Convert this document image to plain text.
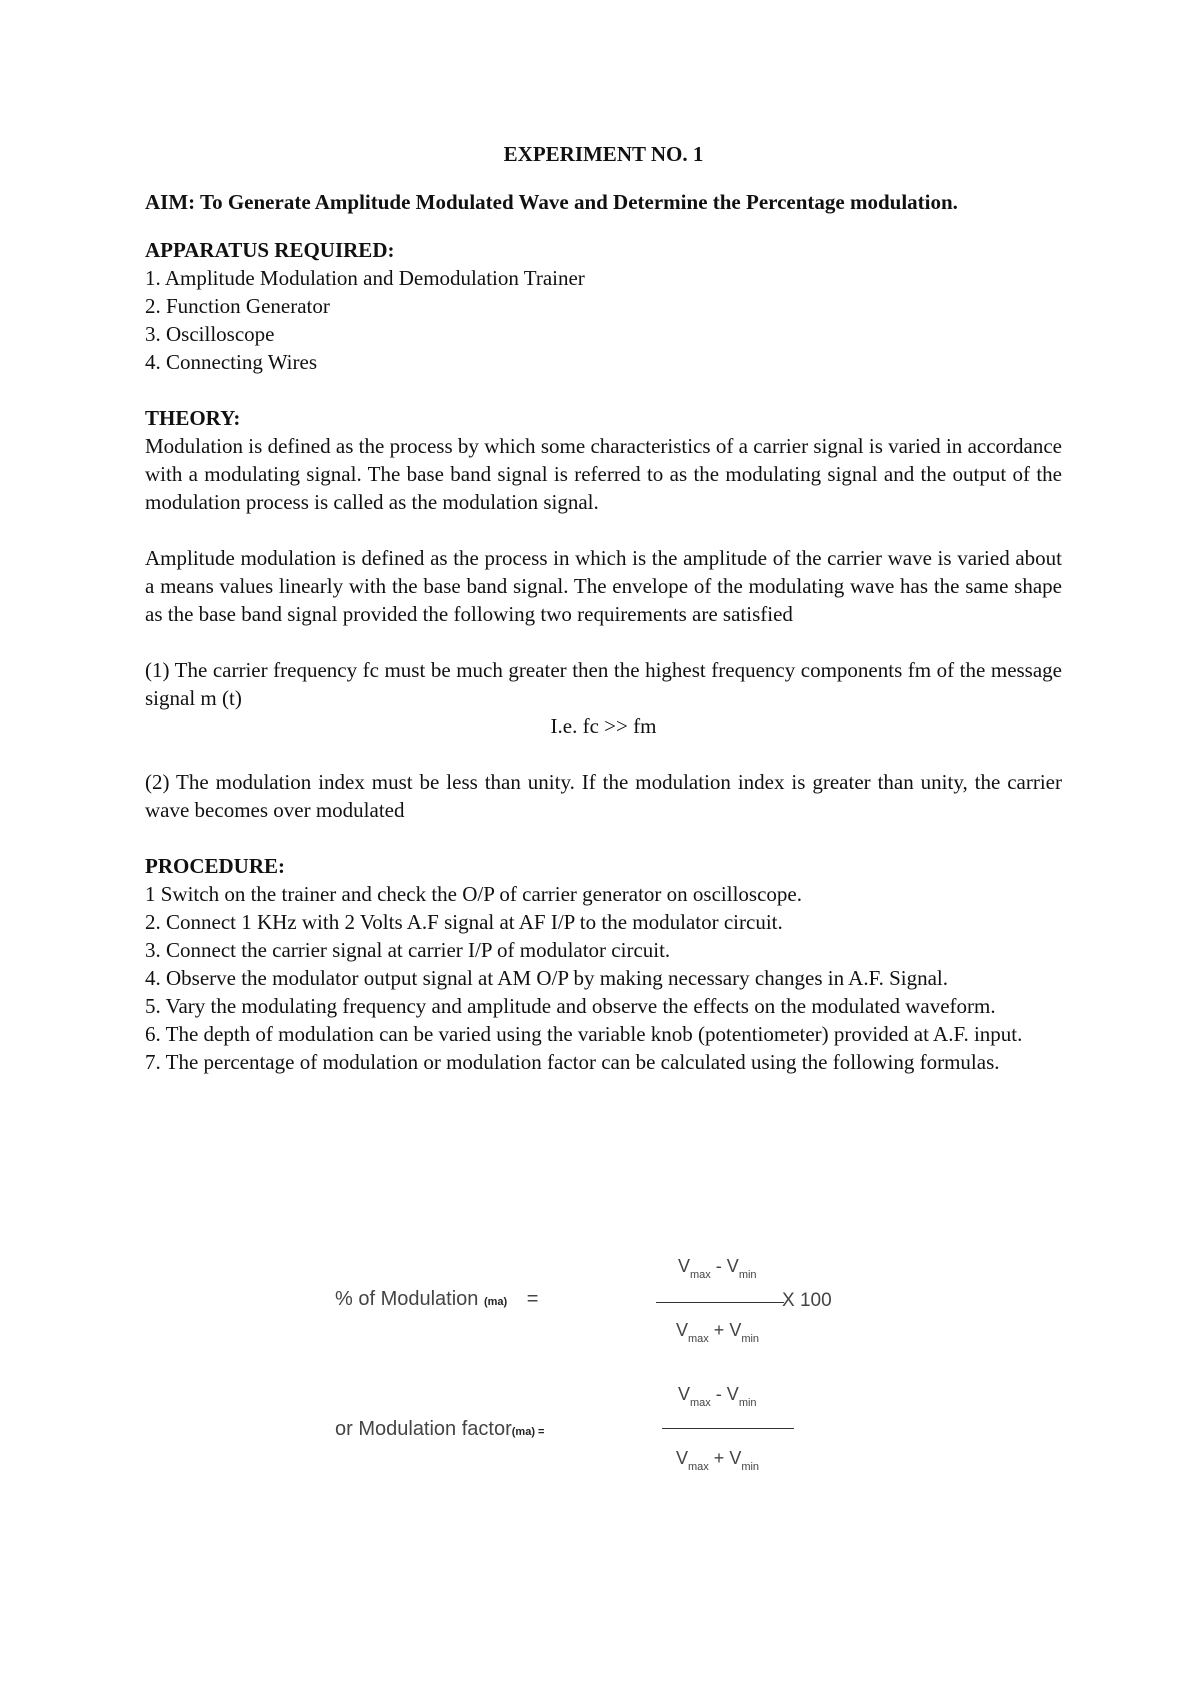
EXPERIMENT NO. 1

AIM: To Generate Amplitude Modulated Wave and Determine the Percentage modulation.

APPARATUS REQUIRED:

1. Amplitude Modulation and Demodulation Trainer
2. Function Generator
3. Oscilloscope
4. Connecting Wires

THEORY:

Modulation is defined as the process by which some characteristics of a carrier signal is varied in accordance with a modulating signal. The base band signal is referred to as the modulating signal and the output of the modulation process is called as the modulation signal.

Amplitude modulation is defined as the process in which is the amplitude of the carrier wave is varied about a means values linearly with the base band signal. The envelope of the modulating wave has the same shape as the base band signal provided the following two requirements are satisfied

(1) The carrier frequency fc must be much greater then the highest frequency components fm of the message signal m (t)

I.e. fc >> fm

(2) The modulation index must be less than unity. If the modulation index is greater than unity, the carrier wave becomes over modulated

PROCEDURE:

1 Switch on the trainer and check the O/P of carrier generator on oscilloscope.
2. Connect 1 KHz with 2 Volts A.F signal at AF I/P to the modulator circuit.
3. Connect the carrier signal at carrier I/P of modulator circuit.
4. Observe the modulator output signal at AM O/P by making necessary changes in A.F. Signal.
5. Vary the modulating frequency and amplitude and observe the effects on the modulated waveform.
6. The depth of modulation can be varied using the variable knob (potentiometer) provided at A.F. input.
7. The percentage of modulation or modulation factor can be calculated using the following formulas.
% of Modulation (ma) =
$V_{max} - V_{min}$
X 100
$V_{max} + V_{min}$
or Modulation factor(ma) =
$V_{max} - V_{min}$
$V_{max} + V_{min}$
